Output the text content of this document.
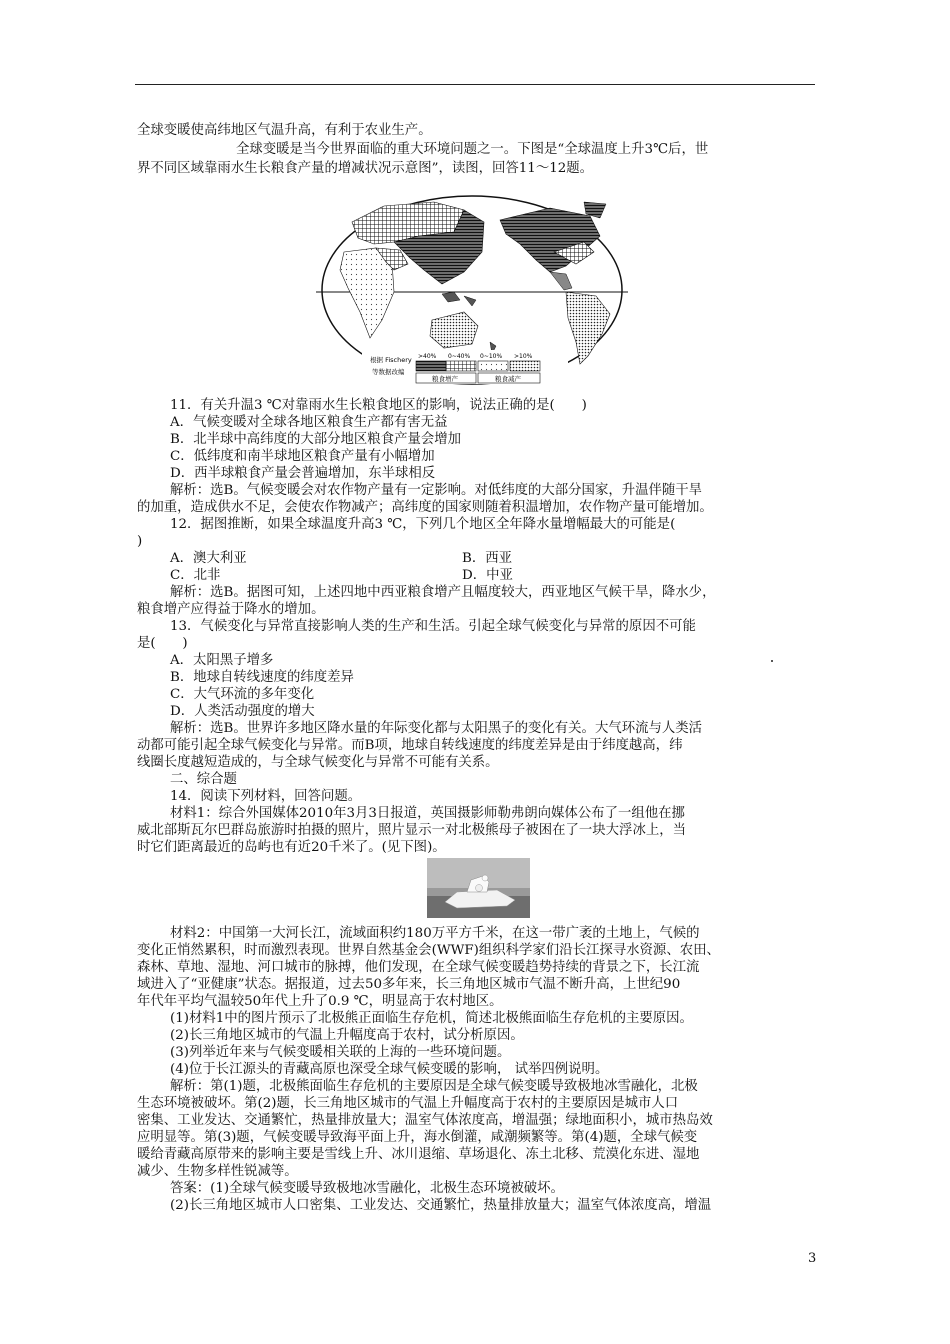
全球变暖使高纬地区气温升高，有利于农业生产。
全球变暖是当今世界面临的重大环境问题之一。下图是“全球温度上升3℃后，世
界不同区域靠雨水生长粮食产量的增减状况示意图”，读图，回答11～12题。
根据 Fischery
等数据改编
>40% 0~40% 0~10% >10%
粮食增产	粮食减产
11．有关升温3 ℃对靠雨水生长粮食地区的影响，说法正确的是(　　)
A．气候变暖对全球各地区粮食生产都有害无益
B．北半球中高纬度的大部分地区粮食产量会增加
C．低纬度和南半球地区粮食产量有小幅增加
D．西半球粮食产量会普遍增加，东半球相反
解析：选B。气候变暖会对农作物产量有一定影响。对低纬度的大部分国家，升温伴随干旱
的加重，造成供水不足，会使农作物减产；高纬度的国家则随着积温增加，农作物产量可能增加。
12．据图推断，如果全球温度升高3 ℃，下列几个地区全年降水量增幅最大的可能是(
)
A．澳大利亚	B．西亚
C．北非	D．中亚
解析：选B。据图可知，上述四地中西亚粮食增产且幅度较大，西亚地区气候干旱，降水少，
粮食增产应得益于降水的增加。
13．气候变化与异常直接影响人类的生产和生活。引起全球气候变化与异常的原因不可能
是(　　)
A．太阳黑子增多
B．地球自转线速度的纬度差异
C．大气环流的多年变化
D．人类活动强度的增大
解析：选B。世界许多地区降水量的年际变化都与太阳黑子的变化有关。大气环流与人类活
动都可能引起全球气候变化与异常。而B项，地球自转线速度的纬度差异是由于纬度越高，纬
线圈长度越短造成的，与全球气候变化与异常不可能有关系。
二、综合题
14．阅读下列材料，回答问题。
材料1：综合外国媒体2010年3月3日报道，英国摄影师勒弗朗向媒体公布了一组他在挪
威北部斯瓦尔巴群岛旅游时拍摄的照片，照片显示一对北极熊母子被困在了一块大浮冰上，当
时它们距离最近的岛屿也有近20千米了。(见下图)。
材料2：中国第一大河长江，流域面积约180万平方千米，在这一带广袤的土地上，气候的
变化正悄然累积，时而激烈表现。世界自然基金会(WWF)组织科学家们沿长江探寻水资源、农田、
森林、草地、湿地、河口城市的脉搏，他们发现，在全球气候变暖趋势持续的背景之下，长江流
域进入了“亚健康”状态。据报道，过去50多年来，长三角地区城市气温不断升高，上世纪90
年代年平均气温较50年代上升了0.9 ℃，明显高于农村地区。
(1)材料1中的图片预示了北极熊正面临生存危机，简述北极熊面临生存危机的主要原因。
(2)长三角地区城市的气温上升幅度高于农村，试分析原因。
(3)列举近年来与气候变暖相关联的上海的一些环境问题。
(4)位于长江源头的青藏高原也深受全球气候变暖的影响， 试举四例说明。
解析：第(1)题，北极熊面临生存危机的主要原因是全球气候变暖导致极地冰雪融化，北极
生态环境被破坏。第(2)题，长三角地区城市的气温上升幅度高于农村的主要原因是城市人口
密集、工业发达、交通繁忙，热量排放量大；温室气体浓度高，增温强；绿地面积小，城市热岛效
应明显等。第(3)题，气候变暖导致海平面上升，海水倒灌，咸潮频繁等。第(4)题，全球气候变
暖给青藏高原带来的影响主要是雪线上升、冰川退缩、草场退化、冻土北移、荒漠化东进、湿地
减少、生物多样性锐减等。
答案：(1)全球气候变暖导致极地冰雪融化，北极生态环境被破坏。
(2)长三角地区城市人口密集、工业发达、交通繁忙，热量排放量大；温室气体浓度高，增温
3
